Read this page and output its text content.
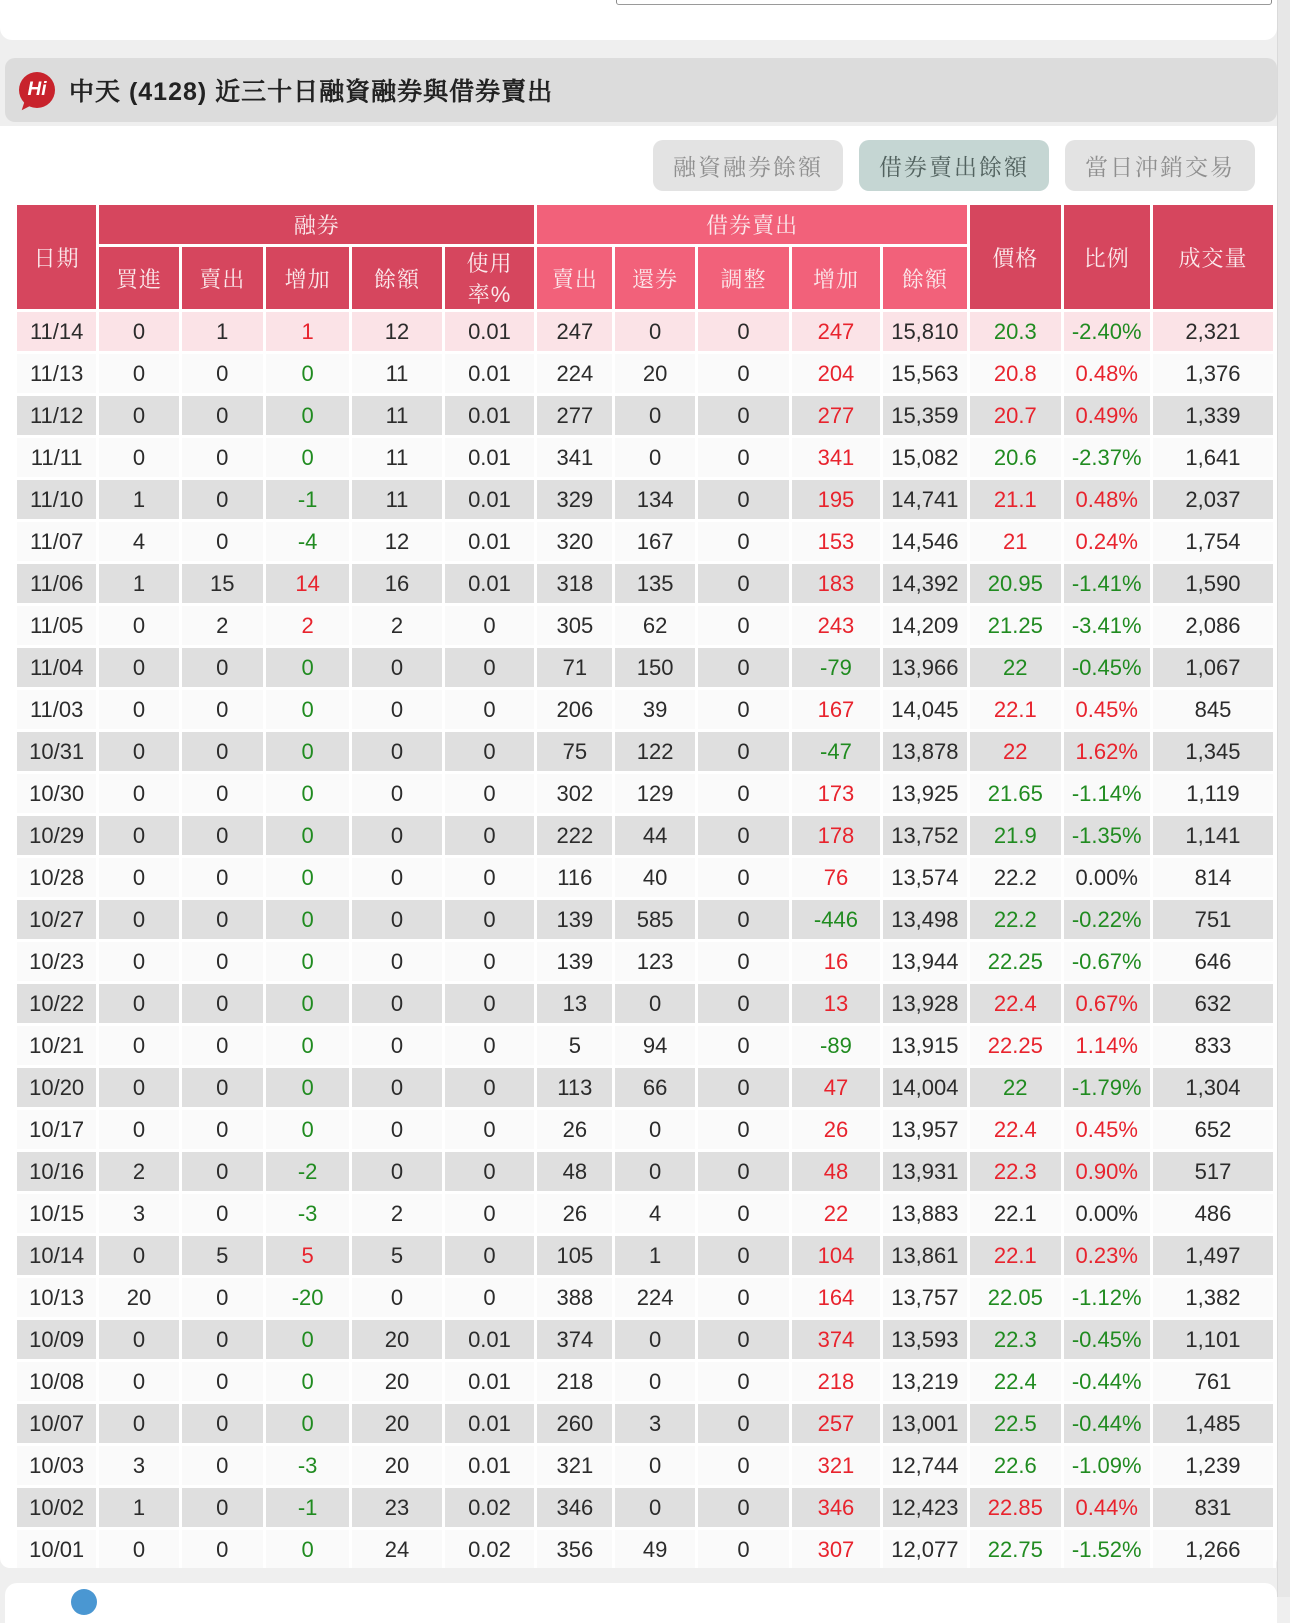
Hi 中天 (4128) 近三十日融資融券與借券賣出
融資融券餘額	借券賣出餘額	當日沖銷交易
日期	融券					借券賣出					價格	比例	成交量
	買進	賣出	增加	餘額	使用率%	賣出	還券	調整	增加	餘額			
11/14	0	1	1	12	0.01	247	0	0	247	15,810	20.3	-2.40%	2,321
11/13	0	0	0	11	0.01	224	20	0	204	15,563	20.8	0.48%	1,376
11/12	0	0	0	11	0.01	277	0	0	277	15,359	20.7	0.49%	1,339
11/11	0	0	0	11	0.01	341	0	0	341	15,082	20.6	-2.37%	1,641
11/10	1	0	-1	11	0.01	329	134	0	195	14,741	21.1	0.48%	2,037
11/07	4	0	-4	12	0.01	320	167	0	153	14,546	21	0.24%	1,754
11/06	1	15	14	16	0.01	318	135	0	183	14,392	20.95	-1.41%	1,590
11/05	0	2	2	2	0	305	62	0	243	14,209	21.25	-3.41%	2,086
11/04	0	0	0	0	0	71	150	0	-79	13,966	22	-0.45%	1,067
11/03	0	0	0	0	0	206	39	0	167	14,045	22.1	0.45%	845
10/31	0	0	0	0	0	75	122	0	-47	13,878	22	1.62%	1,345
10/30	0	0	0	0	0	302	129	0	173	13,925	21.65	-1.14%	1,119
10/29	0	0	0	0	0	222	44	0	178	13,752	21.9	-1.35%	1,141
10/28	0	0	0	0	0	116	40	0	76	13,574	22.2	0.00%	814
10/27	0	0	0	0	0	139	585	0	-446	13,498	22.2	-0.22%	751
10/23	0	0	0	0	0	139	123	0	16	13,944	22.25	-0.67%	646
10/22	0	0	0	0	0	13	0	0	13	13,928	22.4	0.67%	632
10/21	0	0	0	0	0	5	94	0	-89	13,915	22.25	1.14%	833
10/20	0	0	0	0	0	113	66	0	47	14,004	22	-1.79%	1,304
10/17	0	0	0	0	0	26	0	0	26	13,957	22.4	0.45%	652
10/16	2	0	-2	0	0	48	0	0	48	13,931	22.3	0.90%	517
10/15	3	0	-3	2	0	26	4	0	22	13,883	22.1	0.00%	486
10/14	0	5	5	5	0	105	1	0	104	13,861	22.1	0.23%	1,497
10/13	20	0	-20	0	0	388	224	0	164	13,757	22.05	-1.12%	1,382
10/09	0	0	0	20	0.01	374	0	0	374	13,593	22.3	-0.45%	1,101
10/08	0	0	0	20	0.01	218	0	0	218	13,219	22.4	-0.44%	761
10/07	0	0	0	20	0.01	260	3	0	257	13,001	22.5	-0.44%	1,485
10/03	3	0	-3	20	0.01	321	0	0	321	12,744	22.6	-1.09%	1,239
10/02	1	0	-1	23	0.02	346	0	0	346	12,423	22.85	0.44%	831
10/01	0	0	0	24	0.02	356	49	0	307	12,077	22.75	-1.52%	1,266
